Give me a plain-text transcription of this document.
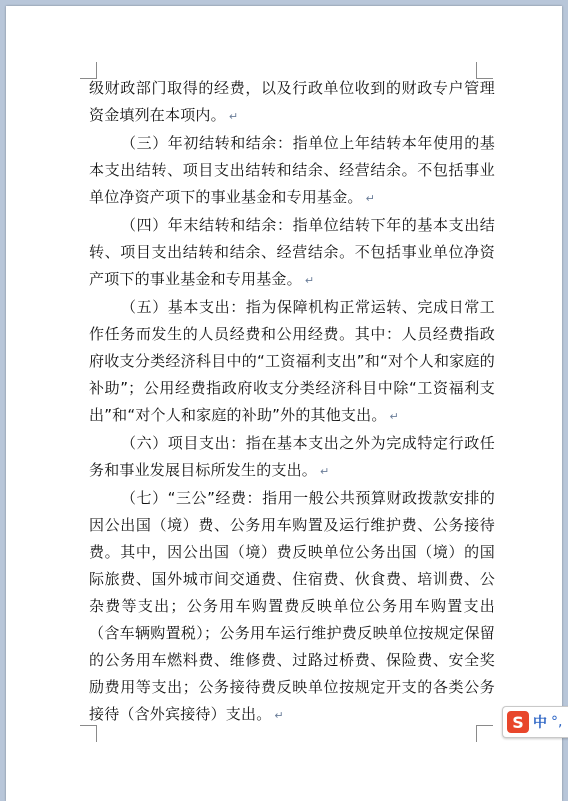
级财政部门取得的经费，以及行政单位收到的财政专户管理资金填列在本项内。 ↵

（三）年初结转和结余：指单位上年结转本年使用的基本支出结转、项目支出结转和结余、经营结余。不包括事业单位净资产项下的事业基金和专用基金。 ↵

（四）年末结转和结余：指单位结转下年的基本支出结转、项目支出结转和结余、经营结余。不包括事业单位净资产项下的事业基金和专用基金。 ↵

（五）基本支出：指为保障机构正常运转、完成日常工作任务而发生的人员经费和公用经费。其中：人员经费指政府收支分类经济科目中的“工资福利支出”和“对个人和家庭的补助”；公用经费指政府收支分类经济科目中除“工资福利支出”和“对个人和家庭的补助”外的其他支出。 ↵

（六）项目支出：指在基本支出之外为完成特定行政任务和事业发展目标所发生的支出。 ↵

（七）“三公”经费：指用一般公共预算财政拨款安排的因公出国（境）费、公务用车购置及运行维护费、公务接待费。其中，因公出国（境）费反映单位公务出国（境）的国际旅费、国外城市间交通费、住宿费、伙食费、培训费、公杂费等支出；公务用车购置费反映单位公务用车购置支出（含车辆购置税）；公务用车运行维护费反映单位按规定保留的公务用车燃料费、维修费、过路过桥费、保险费、安全奖励费用等支出；公务接待费反映单位按规定开支的各类公务接待（含外宾接待）支出。 ↵	S 中 °,
